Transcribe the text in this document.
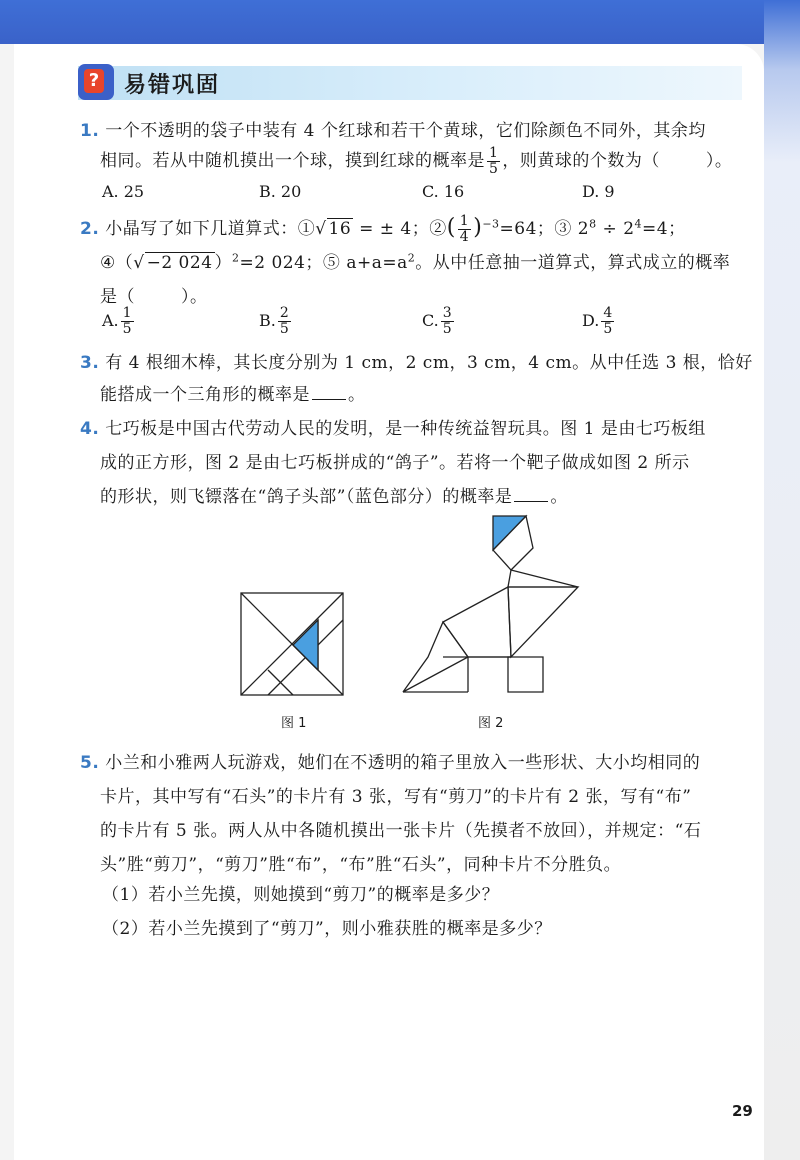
? 易错巩固
1. 一个不透明的袋子中装有 4 个红球和若干个黄球，它们除颜色不同外，其余均
相同。若从中随机摸出一个球，摸到红球的概率是 $\frac{1}{5}$ ，则黄球的个数为（	）。
A. 25	B. 20	C. 16	D. 9
2. 小晶写了如下几道算式：①√ 16 = ± 4；②( $\frac{1}{4} )^{-3}=64$；③ $2^8 \div 2^4=4$；
④（√ −2 024 ）$^2$=2 024；⑤ $a+a=a^2$。从中任意抽一道算式，算式成立的概率
是（	）。
A. $\frac{1}{5}$	B. $\frac{2}{5}$	C. $\frac{3}{5}$	D. $\frac{4}{5}$
3. 有 4 根细木棒，其长度分别为 1 cm，2 cm，3 cm，4 cm。从中任选 3 根，恰好
能搭成一个三角形的概率是 。
4. 七巧板是中国古代劳动人民的发明，是一种传统益智玩具。图 1 是由七巧板组
成的正方形，图 2 是由七巧板拼成的“鸽子”。若将一个靶子做成如图 2 所示
的形状，则飞镖落在“鸽子头部”（蓝色部分）的概率是 。
图 1	图 2
5. 小兰和小雅两人玩游戏，她们在不透明的箱子里放入一些形状、大小均相同的
卡片，其中写有“石头”的卡片有 3 张，写有“剪刀”的卡片有 2 张，写有“布”
的卡片有 5 张。两人从中各随机摸出一张卡片（先摸者不放回），并规定：“石
头”胜“剪刀”，“剪刀”胜“布”，“布”胜“石头”，同种卡片不分胜负。
（1）若小兰先摸，则她摸到“剪刀”的概率是多少？
（2）若小兰先摸到了“剪刀”，则小雅获胜的概率是多少？
29
